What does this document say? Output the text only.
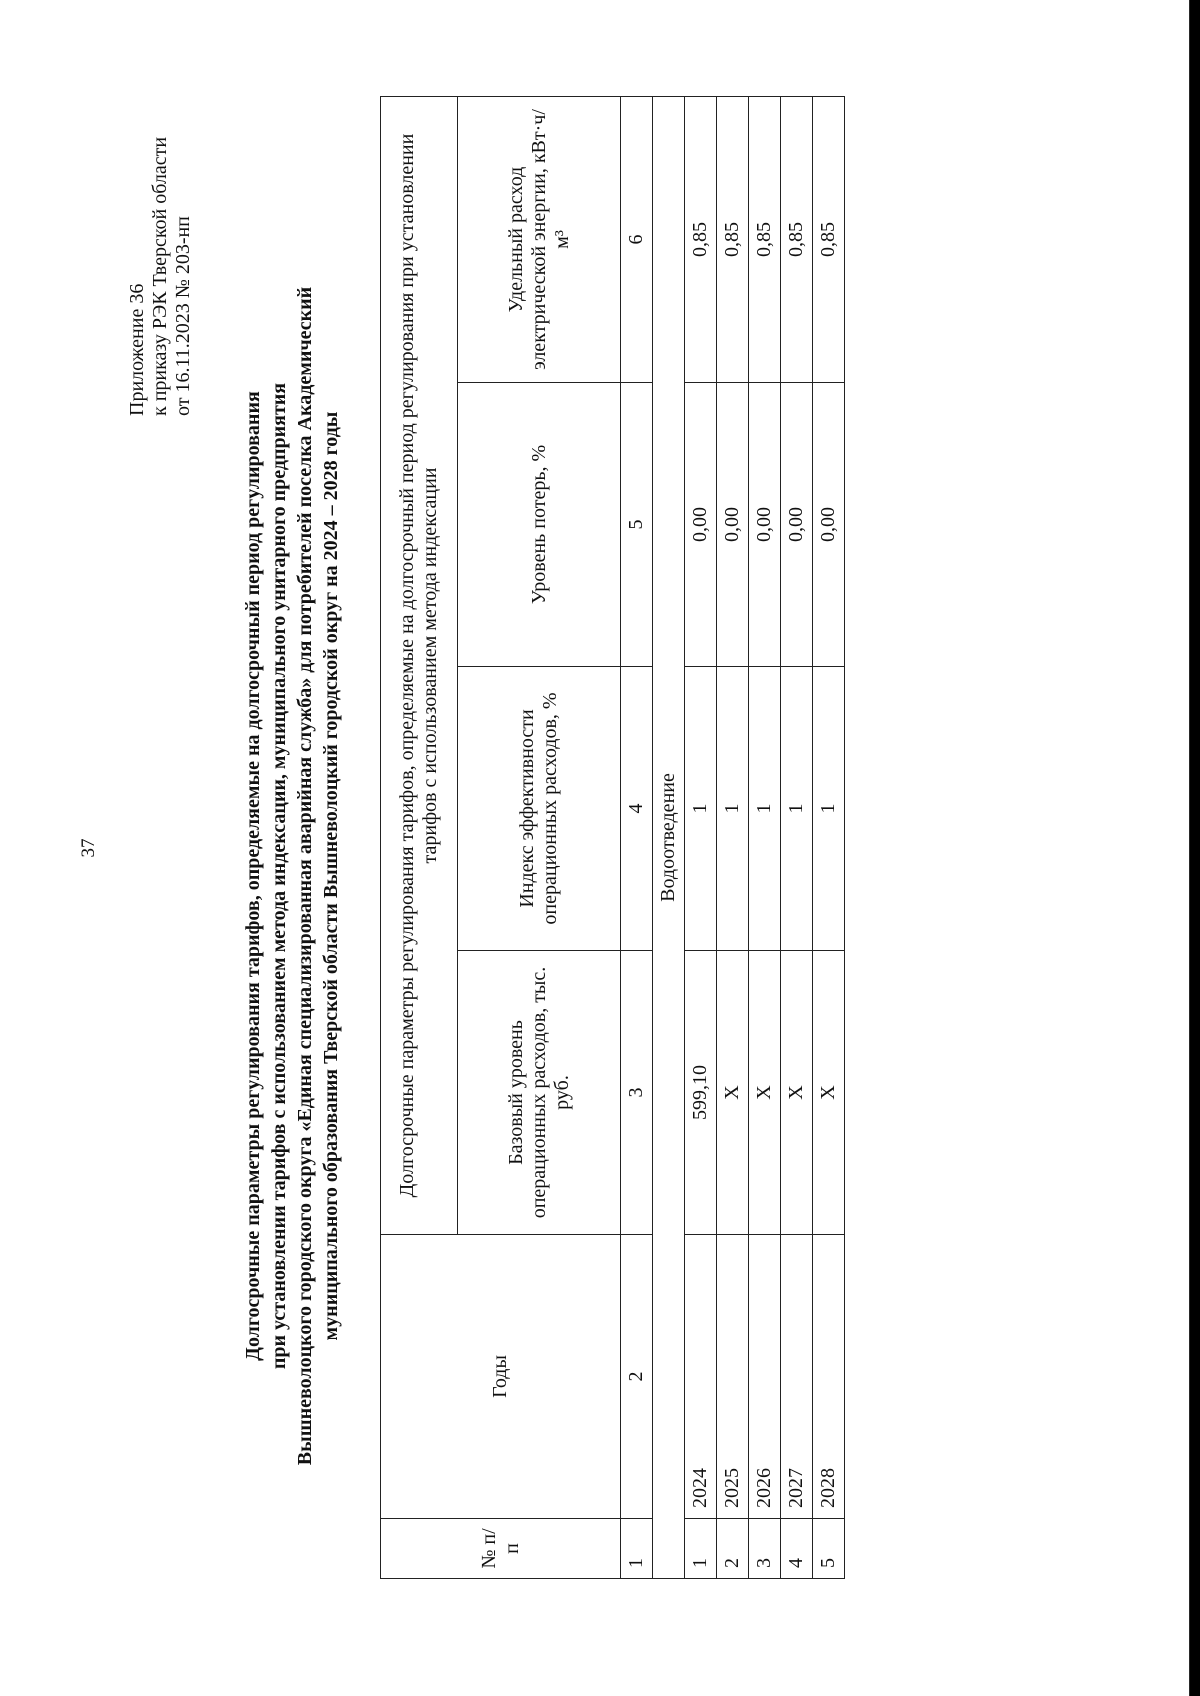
37
Приложение 36 к приказу РЭК Тверской области от 16.11.2023 № 203-нп
Долгосрочные параметры регулирования тарифов, определяемые на долгосрочный период регулирования при установлении тарифов с использованием метода индексации, муниципального унитарного предприятия Вышневолоцкого городского округа «Единая специализированная аварийная служба» для потребителей поселка Академический муниципального образования Тверской области Вышневолоцкий городской округ на 2024 – 2028 годы
№ п/п	Годы	Долгосрочные параметры регулирования тарифов, определяемые на долгосрочный период регулирования при установлении тарифов с использованием метода индексации			
		Базовый уровень операционных расходов, тыс. руб.	Индекс эффективности операционных расходов, %	Уровень потерь, %	Удельный расход электрической энергии, кВт·ч/м³
1	2	3	4	5	6
Водоотведение					
1	2024	599,10	1	0,00	0,85
2	2025	X	1	0,00	0,85
3	2026	X	1	0,00	0,85
4	2027	X	1	0,00	0,85
5	2028	X	1	0,00	0,85
